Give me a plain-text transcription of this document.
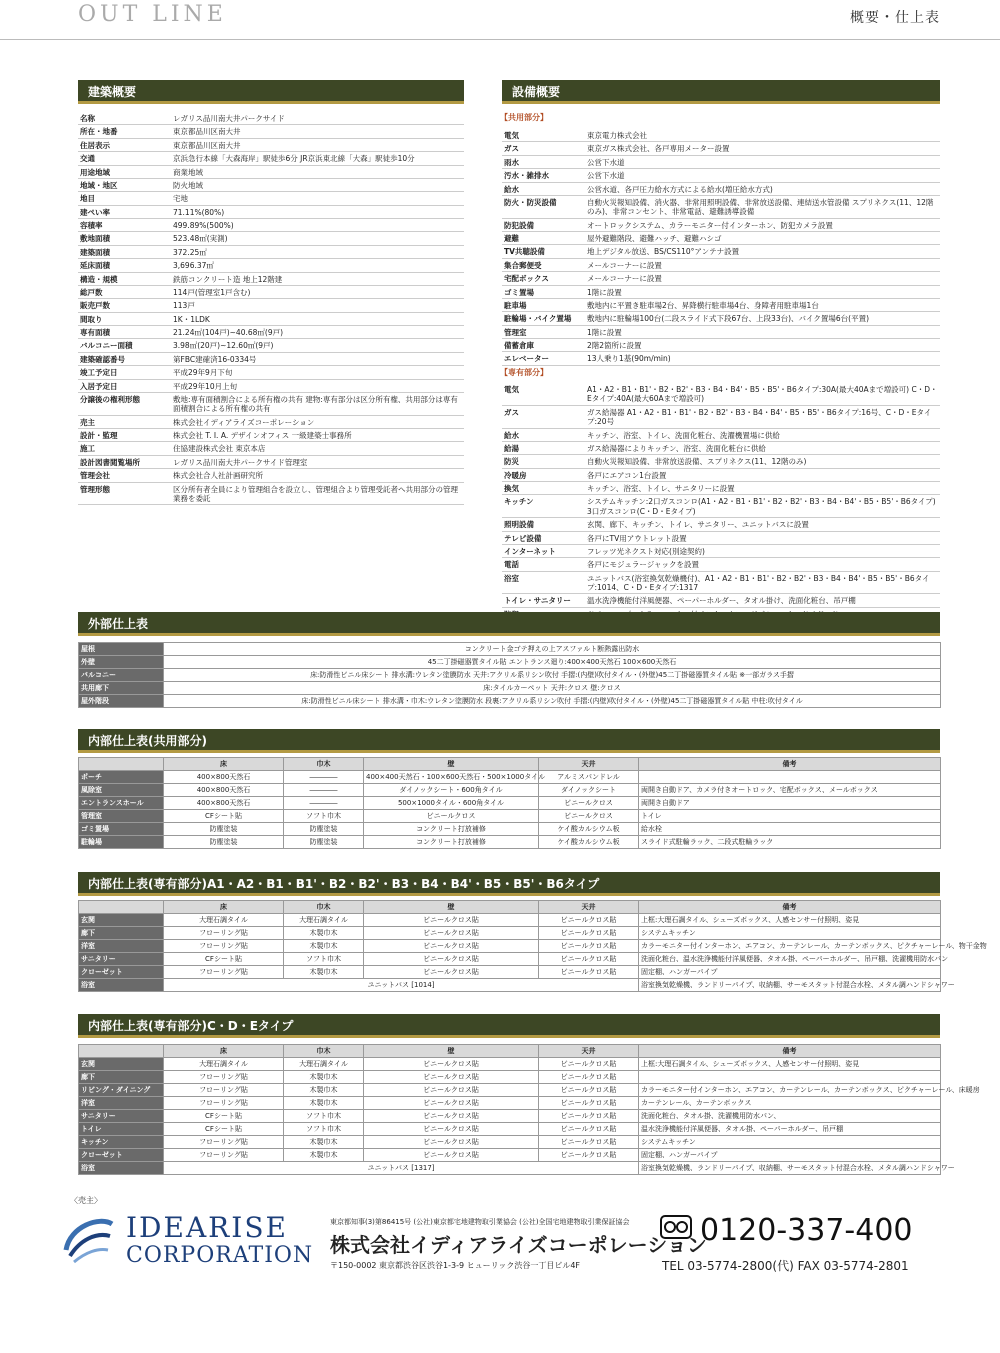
OUT LINE	概要・仕上表
建築概要
名称	レガリス品川南大井パークサイド
所在・地番	東京都品川区南大井
住居表示	東京都品川区南大井
交通	京浜急行本線「大森海岸」駅徒歩6分 JR京浜東北線「大森」駅徒歩10分
用途地域	商業地域
地域・地区	防火地域
地目	宅地
建ぺい率	71.11%(80%)
容積率	499.89%(500%)
敷地面積	523.48㎡(実測)
建築面積	372.25㎡
延床面積	3,696.37㎡
構造・規模	鉄筋コンクリート造 地上12階建
総戸数	114戸(管理室1戸含む)
販売戸数	113戸
間取り	1K・1LDK
専有面積	21.24㎡(104戸)~40.68㎡(9戸)
バルコニー面積	3.98㎡(20戸)~12.60㎡(9戸)
建築確認番号	第FBC建確済16-0334号
竣工予定日	平成29年9月下旬
入居予定日	平成29年10月上旬
分譲後の権利形態	敷地:専有面積割合による所有権の共有 建物:専有部分は区分所有権、共用部分は専有面積割合による所有権の共有
売主	株式会社イディアライズコーポレーション
設計・監理	株式会社 T. I. A. デザインオフィス 一級建築士事務所
施工	住協建設株式会社 東京本店
設計図書閲覧場所	レガリス品川南大井パークサイド管理室
管理会社	株式会社合人社計画研究所
管理形態	区分所有者全員により管理組合を設立し、管理組合より管理受託者へ共用部分の管理業務を委託
設備概要
【共用部分】
電気	東京電力株式会社
ガス	東京ガス株式会社、各戸専用メーター設置
雨水	公営下水道
汚水・雑排水	公営下水道
給水	公営水道、各戸圧力給水方式による給水(増圧給水方式)
防火・防災設備	自動火災報知設備、消火器、非常用照明設備、非常放送設備、連結送水管設備 スプリネクス(11、12階のみ)、非常コンセント、非常電話、避難誘導設備
防犯設備	オートロックシステム、カラーモニター付インターホン、防犯カメラ設置
避難	屋外避難階段、避難ハッチ、避難ハシゴ
TV共聴設備	地上デジタル放送、BS/CS110°アンテナ設置
集合郵便受	メールコーナーに設置
宅配ボックス	メールコーナーに設置
ゴミ置場	1階に設置
駐車場	敷地内に平置き駐車場2台、昇降横行駐車場4台、身障者用駐車場1台
駐輪場・バイク置場	敷地内に駐輪場100台(二段スライド式下段67台、上段33台)、バイク置場6台(平置)
管理室	1階に設置
備蓄倉庫	2階2箇所に設置
エレベーター	13人乗り1基(90m/min)
【専有部分】
電気	A1・A2・B1・B1'・B2・B2'・B3・B4・B4'・B5・B5'・B6タイプ:30A(最大40Aまで増設可) C・D・Eタイプ:40A(最大60Aまで増設可)
ガス	ガス給湯器 A1・A2・B1・B1'・B2・B2'・B3・B4・B4'・B5・B5'・B6タイプ:16号、C・D・Eタイプ:20号
給水	キッチン、浴室、トイレ、洗面化粧台、洗濯機置場に供給
給湯	ガス給湯器によりキッチン、浴室、洗面化粧台に供給
防災	自動火災報知設備、非常放送設備、スプリネクス(11、12階のみ)
冷暖房	各戸にエアコン1台設置
換気	キッチン、浴室、トイレ、サニタリーに設置
キッチン	システムキッチン:2口ガスコンロ(A1・A2・B1・B1'・B2・B2'・B3・B4・B4'・B5・B5'・B6タイプ) 3口ガスコンロ(C・D・Eタイプ)
照明設備	玄関、廊下、キッチン、トイレ、サニタリー、ユニットバスに設置
テレビ設備	各戸にTV用アウトレット設置
インターネット	フレッツ光ネクスト対応(別途契約)
電話	各戸にモジュラージャックを設置
浴室	ユニットバス(浴室換気乾燥機付)、A1・A2・B1・B1'・B2・B2'・B3・B4・B4'・B5・B5'・B6タイプ:1014、C・D・Eタイプ:1317
トイレ・サニタリー	温水洗浄機能付洋風便器、ペーパーホルダー、タオル掛け、洗面化粧台、吊戸棚
外部仕上表
屋根	コンクリート金ゴテ押えの上アスファルト断熱露出防水
外壁	45二丁掛磁器質タイル貼 エントランス廻り:400×400天然石 100×600天然石
バルコニー	床:防滑性ビニル床シート 排水溝:ウレタン塗膜防水 天井:アクリル系リシン吹付 手摺:(内壁)吹付タイル・(外壁)45二丁掛磁器質タイル貼 ※一部ガラス手摺
共用廊下	床:タイルカーペット 天井:クロス 壁:クロス
屋外階段	床:防滑性ビニル床シート 排水溝・巾木:ウレタン塗膜防水 段裏:アクリル系リシン吹付 手摺:(内壁)吹付タイル・(外壁)45二丁掛磁器質タイル貼 中柱:吹付タイル
内部仕上表(共用部分)
	床	巾木	壁	天井	備考
ポーチ	400×800天然石	――――	400×400天然石・100×600天然石・500×1000タイル	アルミスパンドレル	
風除室	400×800天然石	――――	ダイノックシート・600角タイル	ダイノックシート	両開き自動ドア、カメラ付きオートロック、宅配ボックス、メールボックス
エントランスホール	400×800天然石	――――	500×1000タイル・600角タイル	ビニールクロス	両開き自動ドア
管理室	CFシート貼	ソフト巾木	ビニールクロス	ビニールクロス	トイレ
ゴミ置場	防塵塗装	防塵塗装	コンクリート打放補修	ケイ酸カルシウム板	給水栓
駐輪場	防塵塗装	防塵塗装	コンクリート打放補修	ケイ酸カルシウム板	スライド式駐輪ラック、二段式駐輪ラック
内部仕上表(専有部分)A1・A2・B1・B1'・B2・B2'・B3・B4・B4'・B5・B5'・B6タイプ
	床	巾木	壁	天井	備考
玄関	大理石調タイル	大理石調タイル	ビニールクロス貼	ビニールクロス貼	上框:大理石調タイル、シューズボックス、人感センサー付照明、姿見
廊下	フローリング貼	木製巾木	ビニールクロス貼	ビニールクロス貼	システムキッチン
洋室	フローリング貼	木製巾木	ビニールクロス貼	ビニールクロス貼	カラーモニター付インターホン、エアコン、カーテンレール、カーテンボックス、ピクチャーレール、物干金物
サニタリー	CFシート貼	ソフト巾木	ビニールクロス貼	ビニールクロス貼	洗面化粧台、温水洗浄機能付洋風便器、タオル掛、ペーパーホルダー、吊戸棚、洗濯機用防水パン
クローゼット	フローリング貼	木製巾木	ビニールクロス貼	ビニールクロス貼	固定棚、ハンガーパイプ
浴室	ユニットバス [1014]				浴室換気乾燥機、ランドリーパイプ、収納棚、サーモスタット付混合水栓、メタル調ハンドシャワー
内部仕上表(専有部分)C・D・Eタイプ
	床	巾木	壁	天井	備考
玄関	大理石調タイル	大理石調タイル	ビニールクロス貼	ビニールクロス貼	上框:大理石調タイル、シューズボックス、人感センサー付照明、姿見
廊下	フローリング貼	木製巾木	ビニールクロス貼	ビニールクロス貼	
リビング・ダイニング	フローリング貼	木製巾木	ビニールクロス貼	ビニールクロス貼	カラーモニター付インターホン、エアコン、カーテンレール、カーテンボックス、ピクチャーレール、床暖房
洋室	フローリング貼	木製巾木	ビニールクロス貼	ビニールクロス貼	カーテンレール、カーテンボックス
サニタリー	CFシート貼	ソフト巾木	ビニールクロス貼	ビニールクロス貼	洗面化粧台、タオル掛、洗濯機用防水パン、
トイレ	CFシート貼	ソフト巾木	ビニールクロス貼	ビニールクロス貼	温水洗浄機能付洋風便器、タオル掛、ペーパーホルダー、吊戸棚
キッチン	フローリング貼	木製巾木	ビニールクロス貼	ビニールクロス貼	システムキッチン
クローゼット	フローリング貼	木製巾木	ビニールクロス貼	ビニールクロス貼	固定棚、ハンガーパイプ
浴室	ユニットバス [1317]				浴室換気乾燥機、ランドリーパイプ、収納棚、サーモスタット付混合水栓、メタル調ハンドシャワー
〈売主〉
IDEARISE
CORPORATION
東京都知事(3)第86415号 (公社)東京都宅地建物取引業協会 (公社)全国宅地建物取引業保証協会
株式会社イディアライズコーポレーション
〒150-0002 東京都渋谷区渋谷1-3-9 ヒューリック渋谷一丁目ビル4F
0120-337-400
TEL 03-5774-2800(代) FAX 03-5774-2801
